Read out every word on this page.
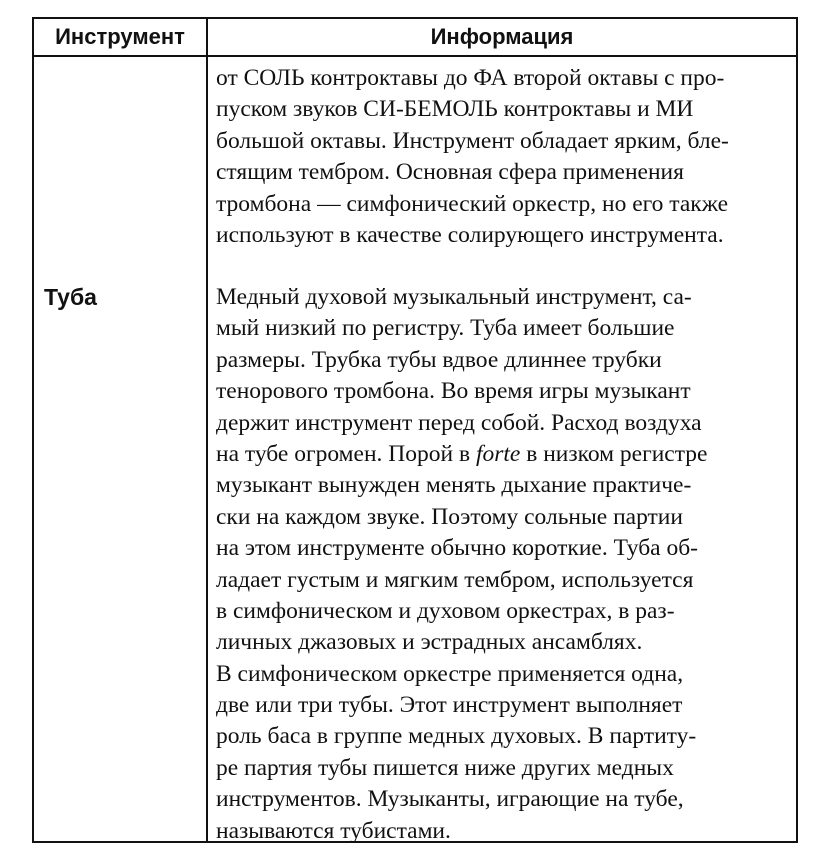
Инструмент	Информация
от СОЛЬ контроктавы до ФА второй октавы с про-
пуском звуков СИ-БЕМОЛЬ контроктавы и МИ
большой октавы. Инструмент обладает ярким, бле-
стящим тембром. Основная сфера применения
тромбона — симфонический оркестр, но его также
используют в качестве солирующего инструмента.
Туба	Медный духовой музыкальный инструмент, са-
мый низкий по регистру. Туба имеет большие
размеры. Трубка тубы вдвое длиннее трубки
тенорового тромбона. Во время игры музыкант
держит инструмент перед собой. Расход воздуха
на тубе огромен. Порой в forte в низком регистре
музыкант вынужден менять дыхание практиче-
ски на каждом звуке. Поэтому сольные партии
на этом инструменте обычно короткие. Туба об-
ладает густым и мягким тембром, используется
в симфоническом и духовом оркестрах, в раз-
личных джазовых и эстрадных ансамблях.
В симфоническом оркестре применяется одна,
две или три тубы. Этот инструмент выполняет
роль баса в группе медных духовых. В партиту-
ре партия тубы пишется ниже других медных
инструментов. Музыканты, играющие на тубе,
называются тубистами.
